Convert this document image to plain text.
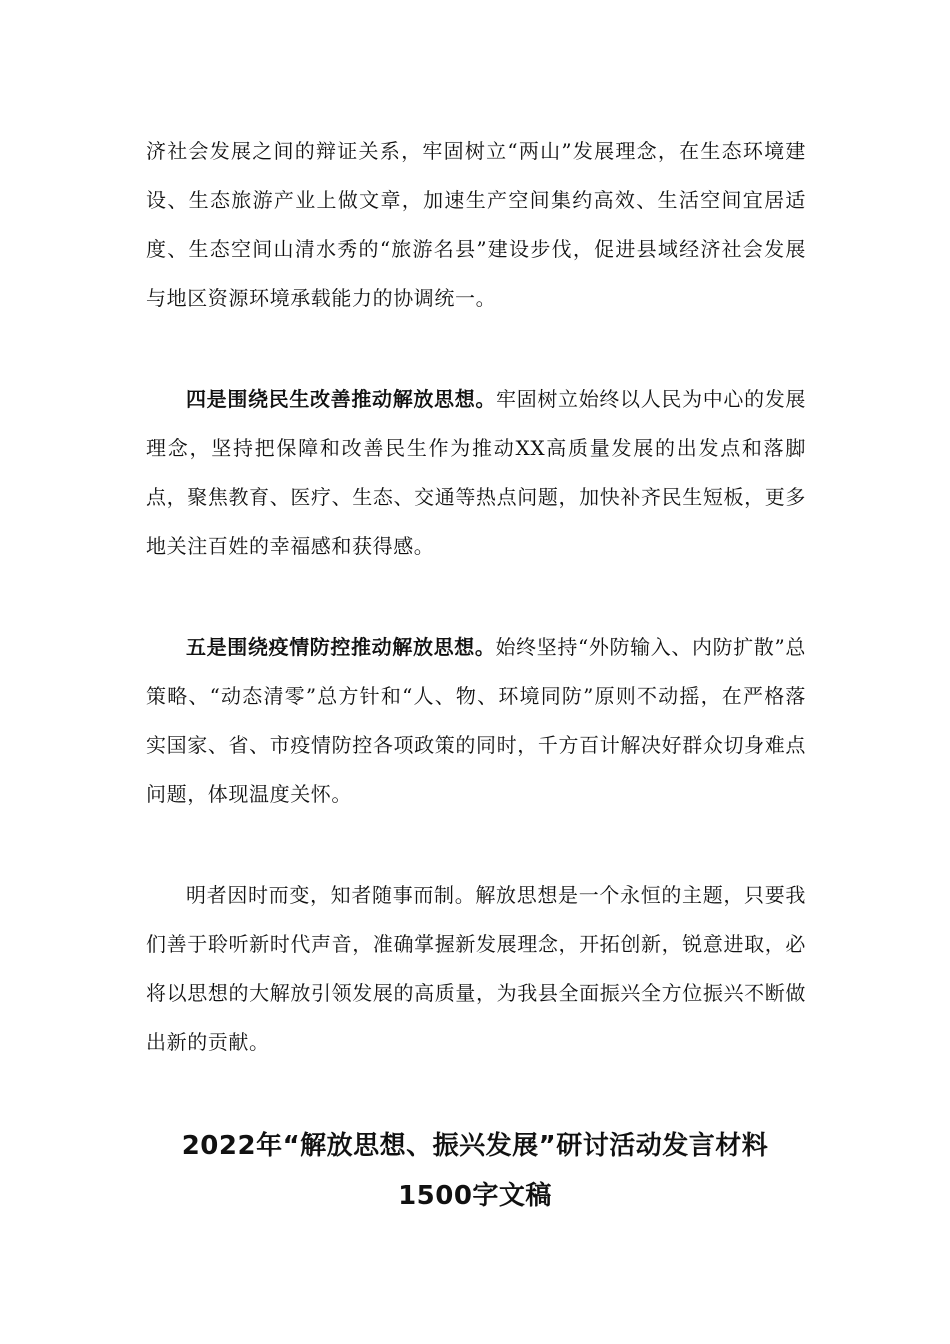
济社会发展之间的辩证关系，牢固树立“两山”发展理念，在生态环境建设、生态旅游产业上做文章，加速生产空间集约高效、生活空间宜居适度、生态空间山清水秀的“旅游名县”建设步伐，促进县域经济社会发展与地区资源环境承载能力的协调统一。

四是围绕民生改善推动解放思想。牢固树立始终以人民为中心的发展理念，坚持把保障和改善民生作为推动XX高质量发展的出发点和落脚点，聚焦教育、医疗、生态、交通等热点问题，加快补齐民生短板，更多地关注百姓的幸福感和获得感。

五是围绕疫情防控推动解放思想。始终坚持“外防输入、内防扩散”总策略、“动态清零”总方针和“人、物、环境同防”原则不动摇，在严格落实国家、省、市疫情防控各项政策的同时，千方百计解决好群众切身难点问题，体现温度关怀。

明者因时而变，知者随事而制。解放思想是一个永恒的主题，只要我们善于聆听新时代声音，准确掌握新发展理念，开拓创新，锐意进取，必将以思想的大解放引领发展的高质量，为我县全面振兴全方位振兴不断做出新的贡献。

2022年“解放思想、振兴发展”研讨活动发言材料
1500字文稿
